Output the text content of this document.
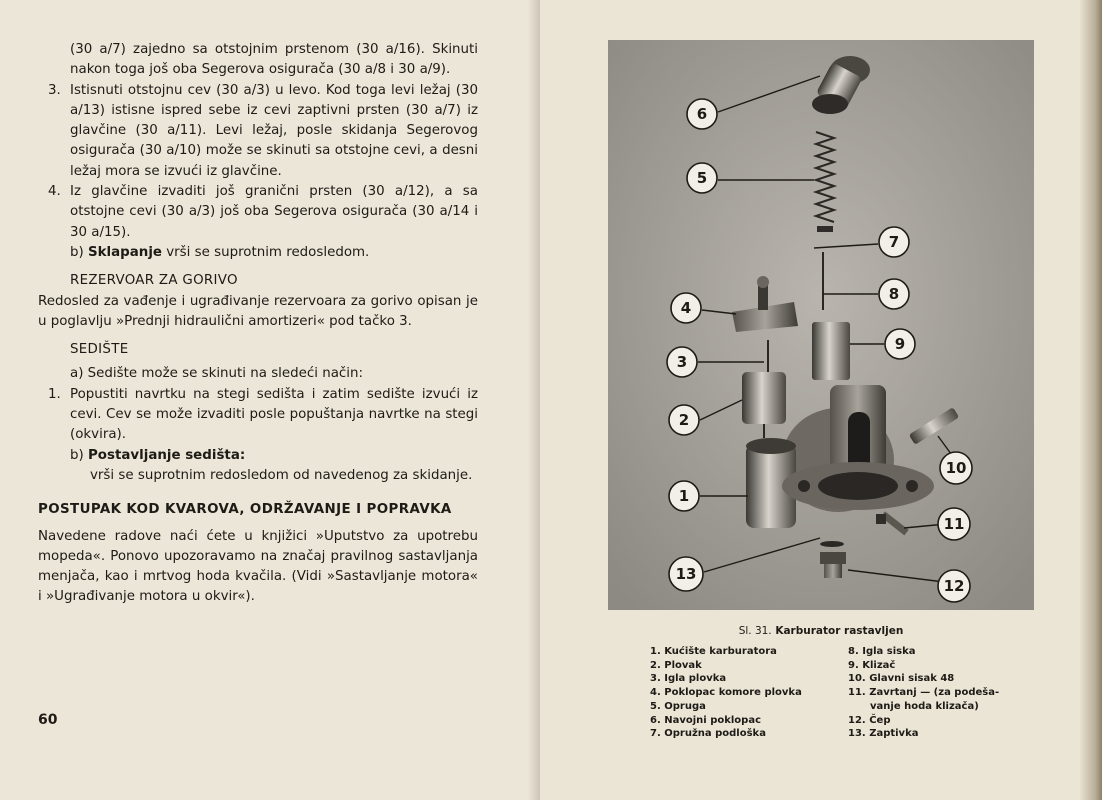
(30 a/7) zajedno sa otstojnim prstenom (30 a/16). Skinuti nakon toga još oba Segerova osigurača (30 a/8 i 30 a/9).

3. Istisnuti otstojnu cev (30 a/3) u levo. Kod toga levi ležaj (30 a/13) istisne ispred sebe iz cevi zaptivni prsten (30 a/7) iz glavčine (30 a/11). Levi ležaj, posle skidanja Segerovog osigurača (30 a/10) može se skinuti sa otstojne cevi, a desni ležaj mora se izvući iz glavčine.

4. Iz glavčine izvaditi još granični prsten (30 a/12), a sa otstojne cevi (30 a/3) još oba Segerova osigurača (30 a/14 i 30 a/15).

b) Sklapanje vrši se suprotnim redosledom.

REZERVOAR ZA GORIVO

Redosled za vađenje i ugrađivanje rezervoara za gorivo opisan je u poglavlju »Prednji hidraulični amortizeri« pod tačko 3.

SEDIŠTE

a) Sedište može se skinuti na sledeći način:

1. Popustiti navrtku na stegi sedišta i zatim sedište izvući iz cevi. Cev se može izvaditi posle popuštanja navrtke na stegi (okvira).

b) Postavljanje sedišta:

vrši se suprotnim redosledom od navedenog za skidanje.

POSTUPAK KOD KVAROVA, ODRŽAVANJE I POPRAVKA

Navedene radove naći ćete u knjižici »Uputstvo za upotrebu mopeda«. Ponovo upozoravamo na značaj pravilnog sastavljanja menjača, kao i mrtvog hoda kvačila. (Vidi »Sastavljanje motora« i »Ugrađivanje motora u okvir«).

60
6
5
7
8
4
9
3
2
10
1
11
13
12
Sl. 31. Karburator rastavljen
1. Kućište karburatora
2. Plovak
3. Igla plovka
4. Poklopac komore plovka
5. Opruga
6. Navojni poklopac
7. Opružna podloška
8. Igla siska
9. Klizač
10. Glavni sisak 48
11. Zavrtanj — (za podeša-
vanje hoda klizača)
12. Čep
13. Zaptivka
